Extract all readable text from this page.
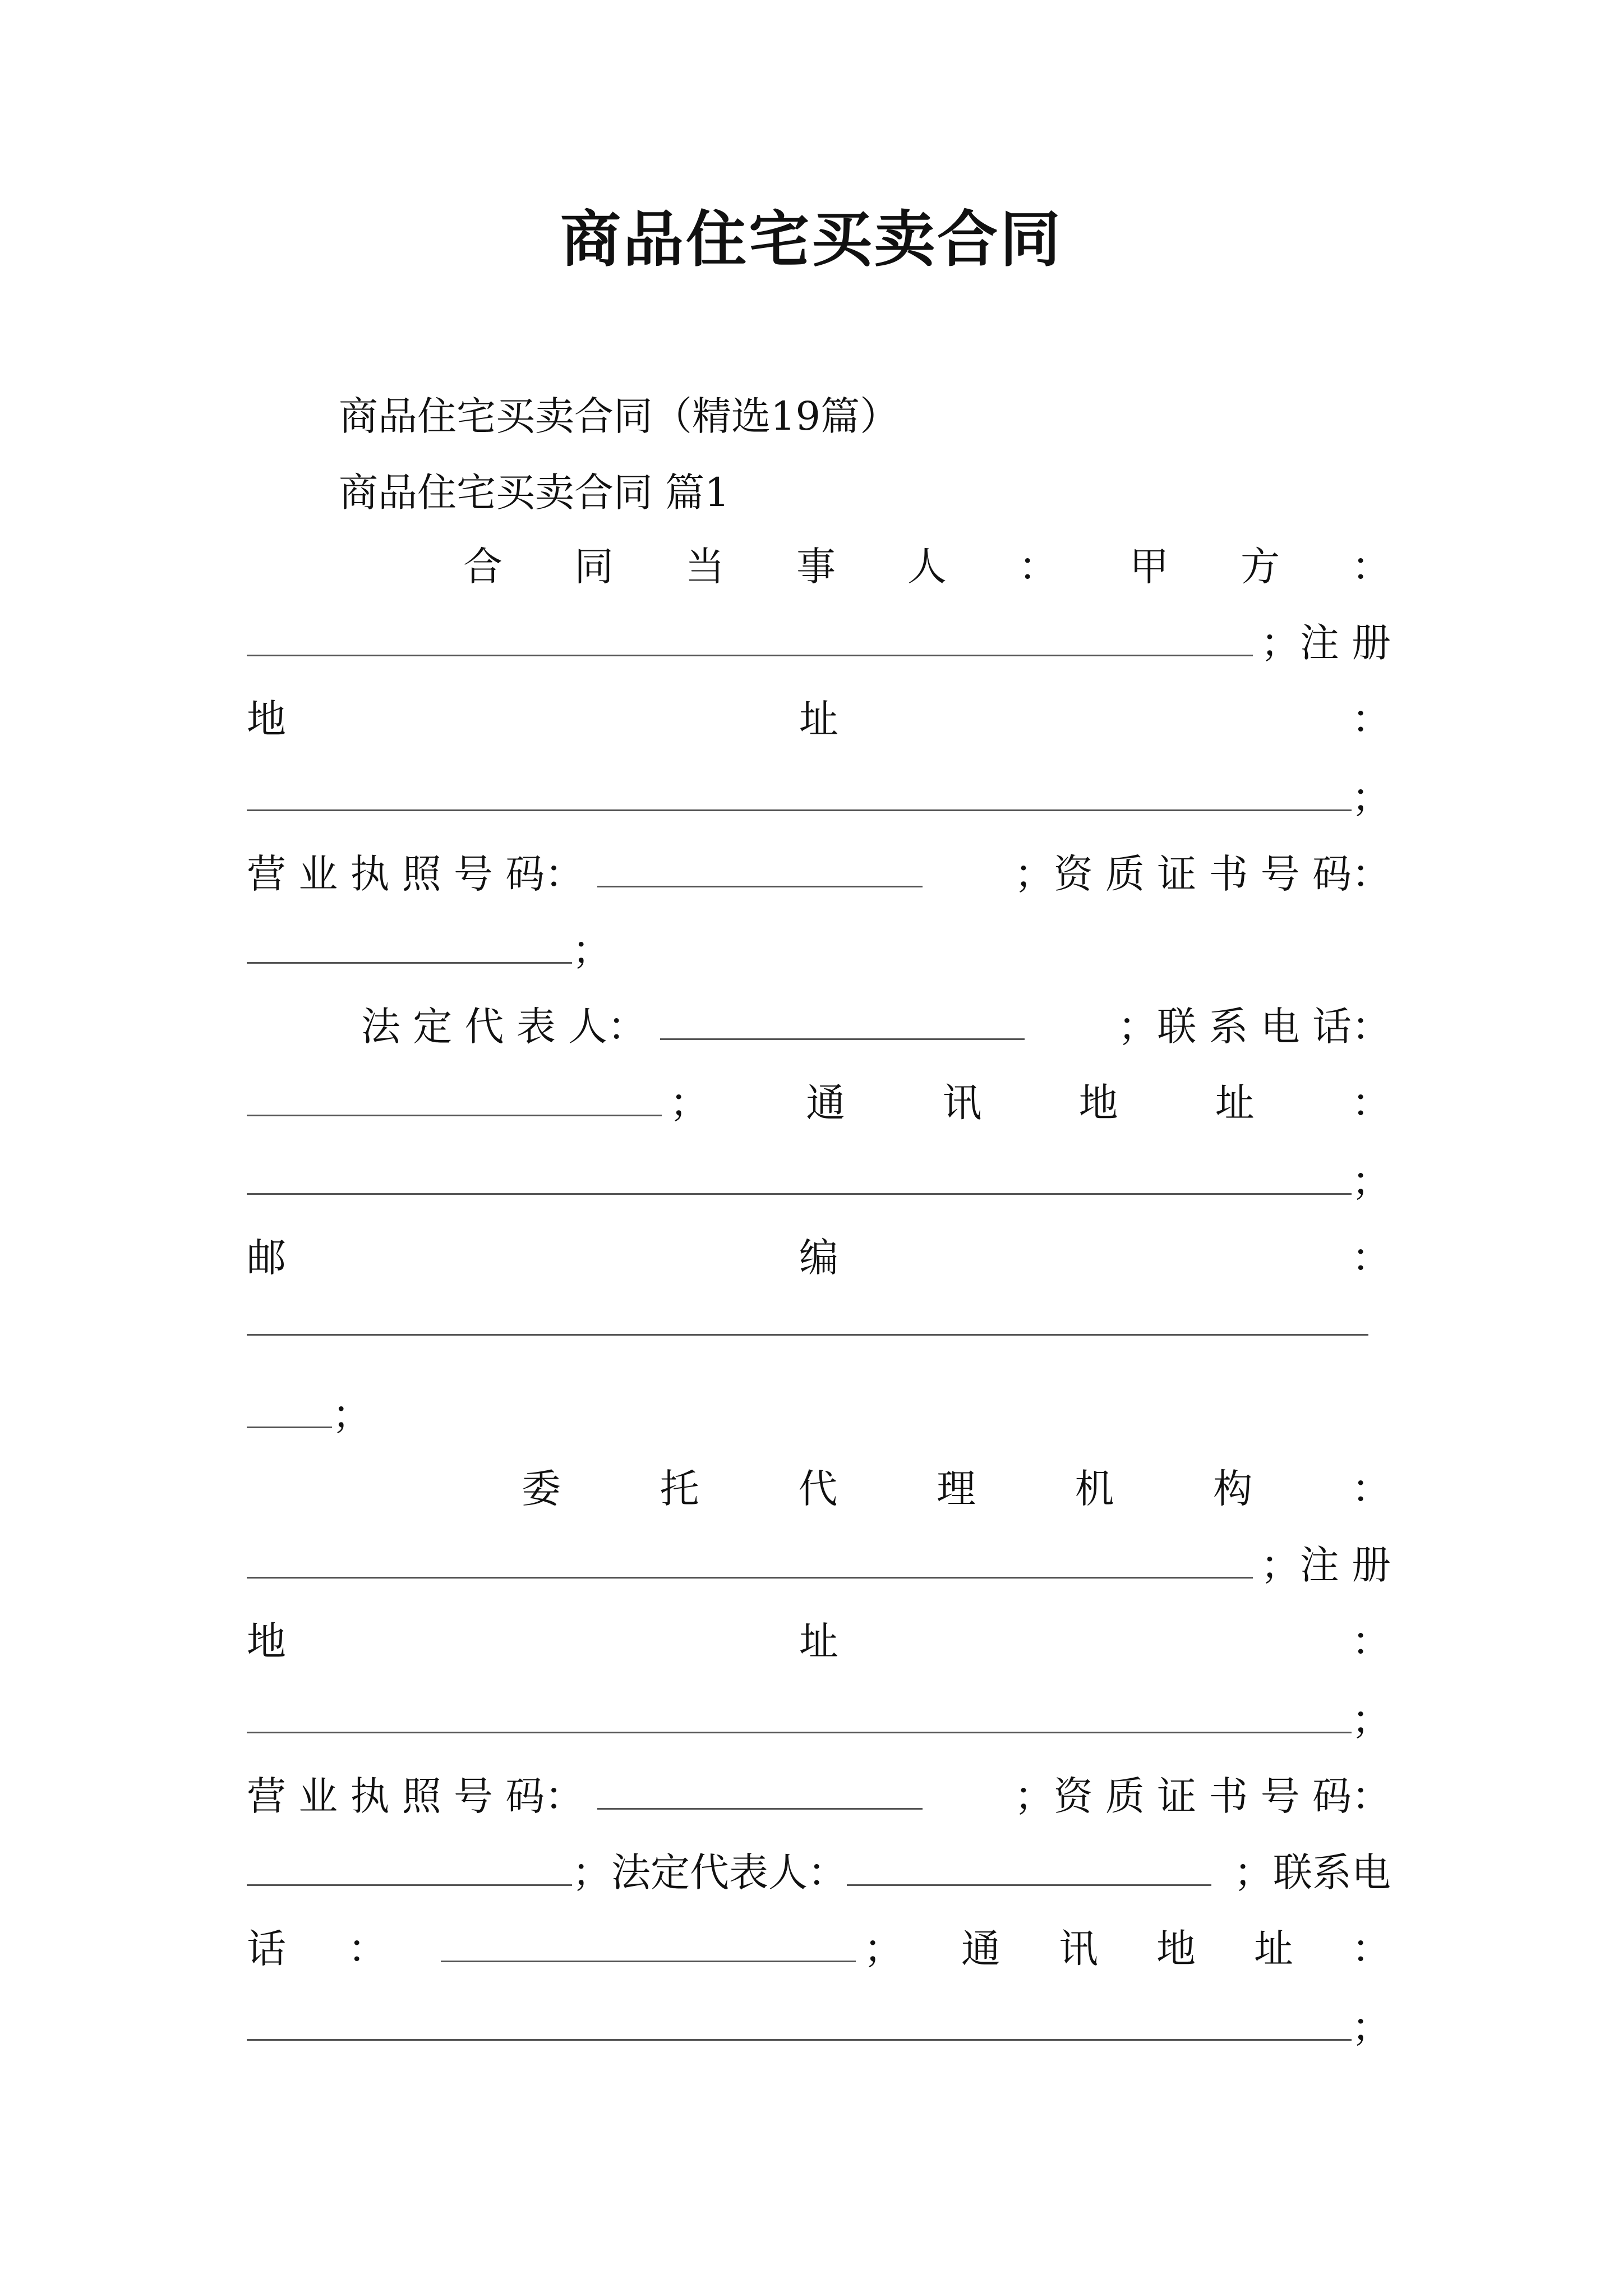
商品住宅买卖合同
商品住宅买卖合同（精选19篇）
商品住宅买卖合同 篇1
合 同 当 事 人 ： 甲 方 ：
；注 册
地	址	：
；
营 业 执 照 号 码：	；资 质 证 书 号 码：
；
法 定 代 表 人：	；联 系 电 话：
； 通 讯 地 址 ：
；
邮	编	：
；
委	托	代	理	机	构	：
；注 册
地	址	：
；
营 业 执 照 号 码：	；资 质 证 书 号 码：
；法定代表人：	；联系电
话 ：	； 通 讯 地 址 ：
；
